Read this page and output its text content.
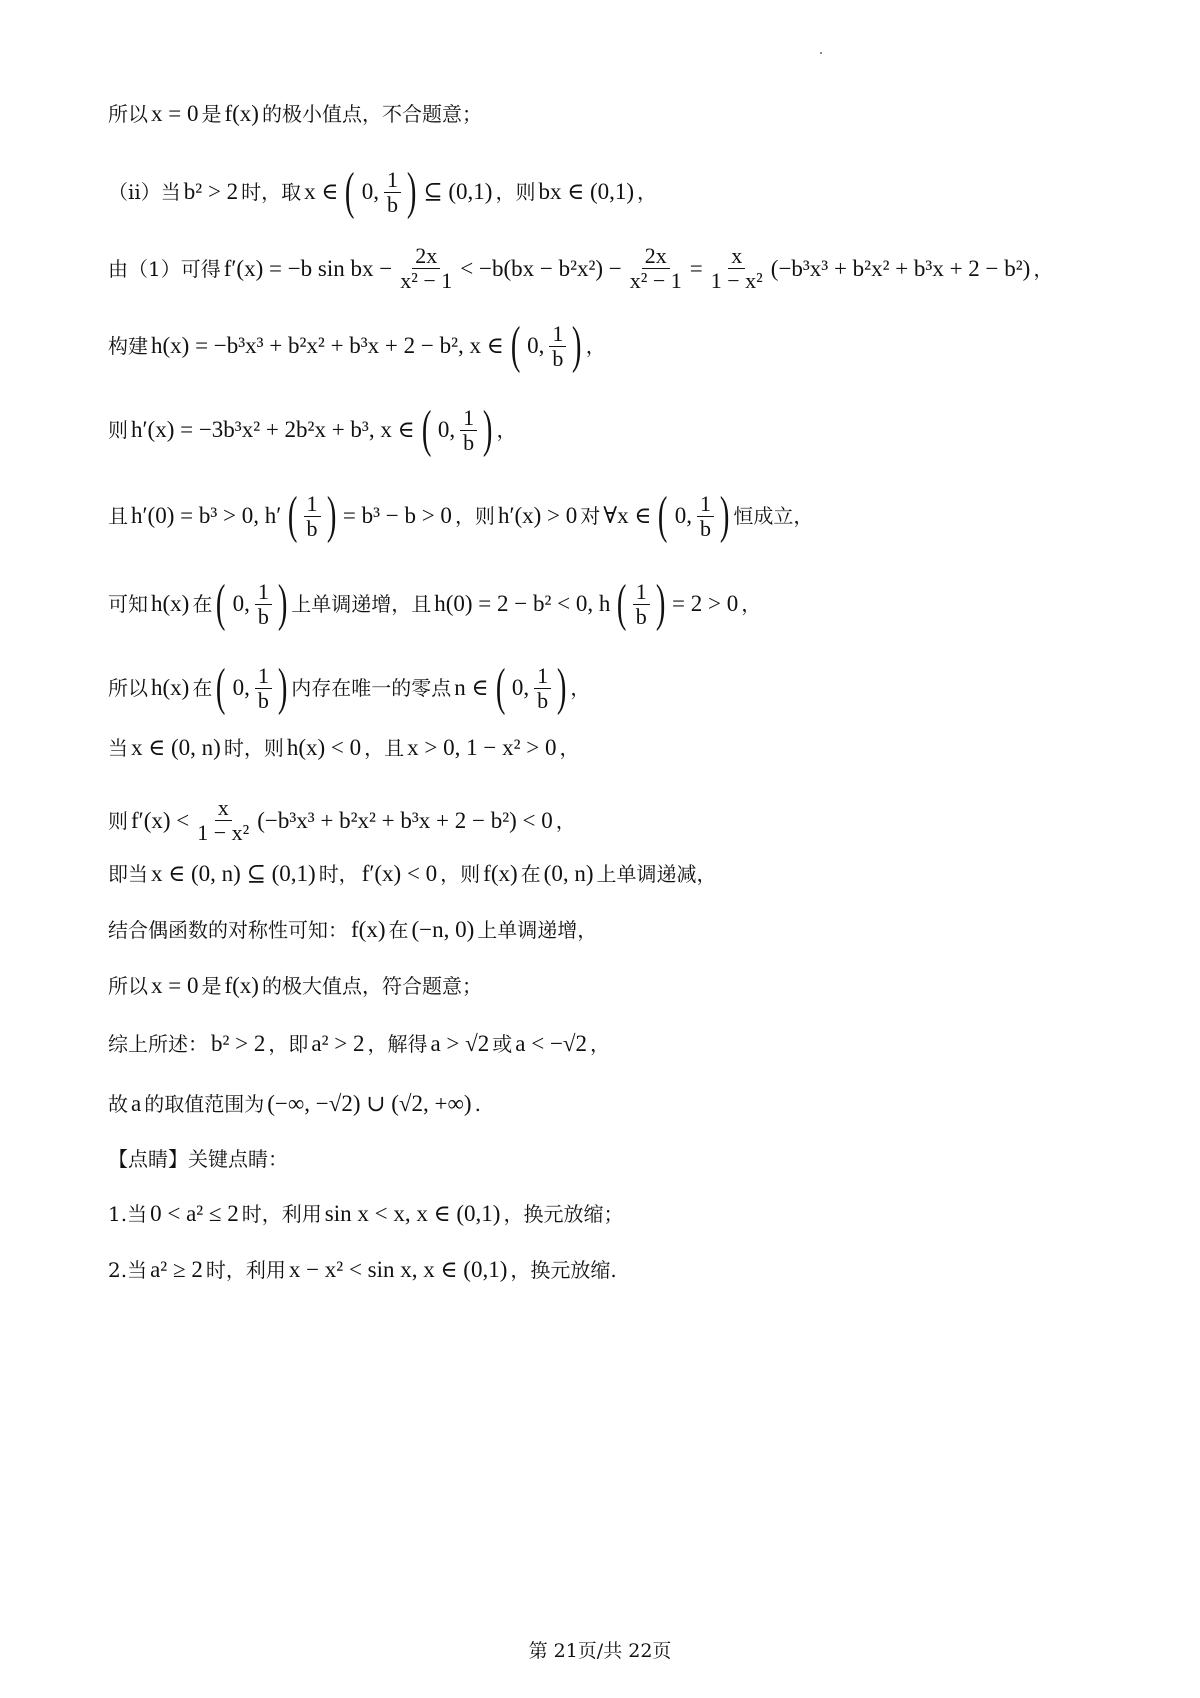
所以 x = 0 是 f(x) 的极小值点，不合题意；
（ii）当 b² > 2 时，取 x ∈ ( 0, $\frac{1}{b}$ ) ⊆ (0,1) ，则 bx ∈ (0,1) ，
由（1）可得 f′(x) = −b sin bx − $\frac{2x}{\text{x² − 1}} < -b(bx - b^2x^2) - \frac{2x}{\text{x² − 1}} = \frac{x}{\text{1 − x²}} (-b^3x^3 + b^2x^2 + b^3x + 2 - b^2)$ ，
构建 h(x) = −b³x³ + b²x² + b³x + 2 − b², x ∈ ( 0, $\frac{1}{b}$ ) ，
则 h′(x) = −3b³x² + 2b²x + b³, x ∈ ( 0, $\frac{1}{b}$ ) ，
且 h′(0) = b³ > 0, h′ ( $\frac{1}{b}$ ) = b³ − b > 0 ，则 h′(x) > 0 对 ∀x ∈ ( 0, $\frac{1}{b}$ ) 恒成立，
可知 h(x) 在 ( 0, $\frac{1}{b}$ ) 上单调递增，且 h(0) = 2 − b² < 0, h ( $\frac{1}{b}$ ) = 2 > 0 ，
所以 h(x) 在 ( 0, $\frac{1}{b}$ ) 内存在唯一的零点 n ∈ ( 0, $\frac{1}{b}$ ) ，
当 x ∈ (0, n) 时，则 h(x) < 0 ，且 x > 0, 1 − x² > 0 ，
则 $f'(x) < \frac{x}{\text{1 − x²}} (-b^3x^3 + b^2x^2 + b^3x + 2 - b^2) < 0$ ，
即当 x ∈ (0, n) ⊆ (0,1) 时， f′(x) < 0 ，则 f(x) 在 (0, n) 上单调递减，
结合偶函数的对称性可知： f(x) 在 (−n, 0) 上单调递增，
所以 x = 0 是 f(x) 的极大值点，符合题意；
综上所述： b² > 2 ，即 a² > 2 ，解得 a > √2 或 a < −√2 ，
故 a 的取值范围为 (−∞, −√2) ∪ (√2, +∞) .
【点睛】关键点睛：
1.当 0 < a² ≤ 2 时，利用 sin x < x, x ∈ (0,1) ，换元放缩；
2.当 a² ≥ 2 时，利用 x − x² < sin x, x ∈ (0,1) ，换元放缩.
第 21页/共 22页
